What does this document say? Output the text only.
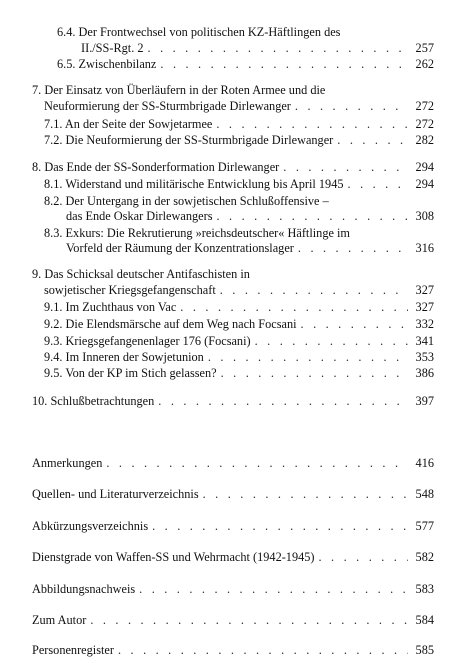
6.4. Der Frontwechsel von politischen KZ-Häftlingen des
II./SS-Rgt. 2 . . .	257
6.5. Zwischenbilanz . . .	262
7. Der Einsatz von Überläufern in der Roten Armee und die
Neuformierung der SS-Sturmbrigade Dirlewanger . . .	272
7.1. An der Seite der Sowjetarmee . . .	272
7.2. Die Neuformierung der SS-Sturmbrigade Dirlewanger . . .	282
8. Das Ende der SS-Sonderformation Dirlewanger . . .	294
8.1. Widerstand und militärische Entwicklung bis April 1945 . . .	294
8.2. Der Untergang in der sowjetischen Schlußoffensive –
das Ende Oskar Dirlewangers . . .	308
8.3. Exkurs: Die Rekrutierung »reichsdeutscher« Häftlinge im
Vorfeld der Räumung der Konzentrationslager . . .	316
9. Das Schicksal deutscher Antifaschisten in
sowjetischer Kriegsgefangenschaft . . .	327
9.1. Im Zuchthaus von Vac . . .	327
9.2. Die Elendsmärsche auf dem Weg nach Focsani . . .	332
9.3. Kriegsgefangenenlager 176 (Focsani) . . .	341
9.4. Im Inneren der Sowjetunion . . .	353
9.5. Von der KP im Stich gelassen? . . .	386
10. Schlußbetrachtungen . . .	397
Anmerkungen . . .	416
Quellen- und Literaturverzeichnis . . .	548
Abkürzungsverzeichnis . . .	577
Dienstgrade von Waffen-SS und Wehrmacht (1942-1945) . . .	582
Abbildungsnachweis . . .	583
Zum Autor . . .	584
Personenregister . . .	585
